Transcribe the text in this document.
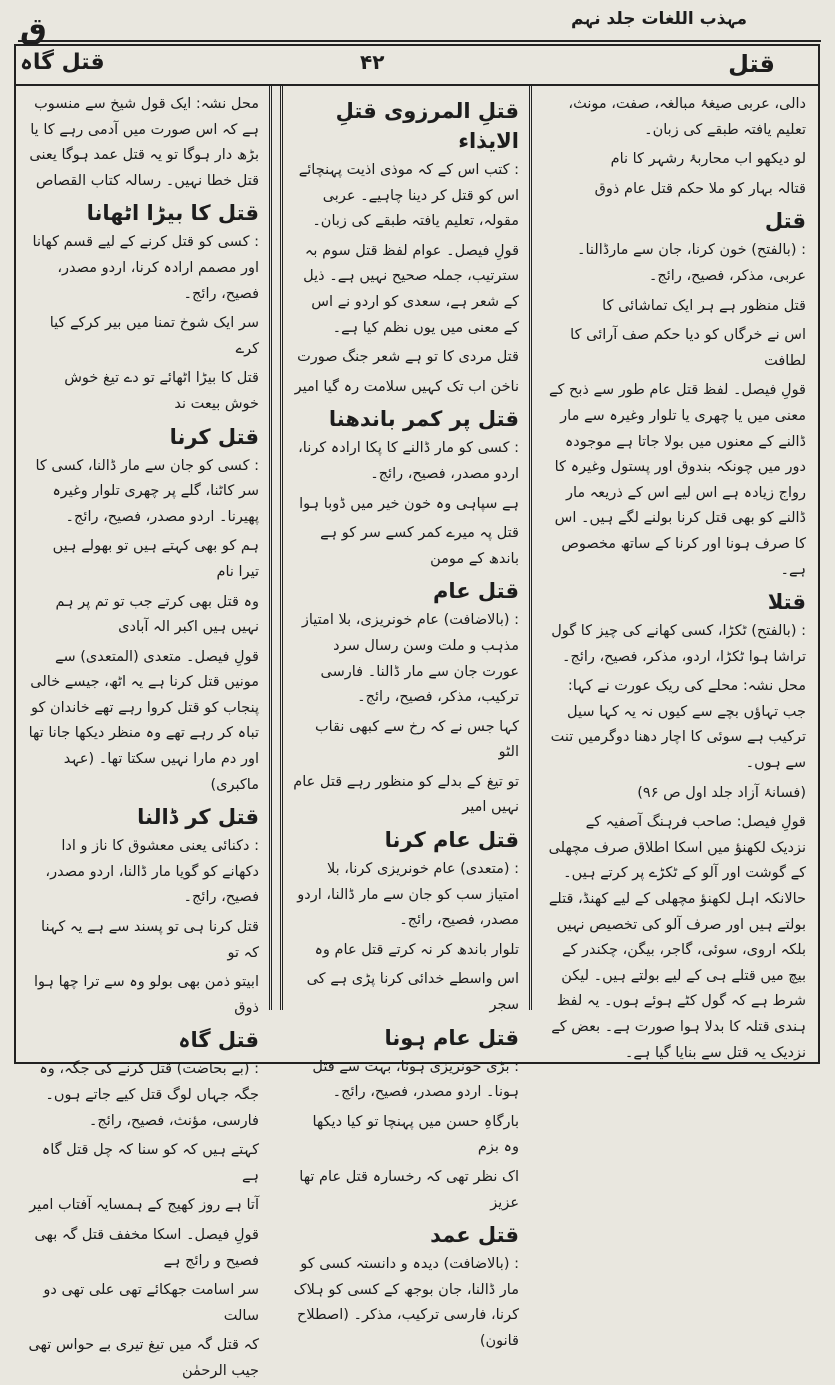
ق	مہذب اللغات جلد نہم
قتل گاہ	۴۲	قتل
محل نشہ: ایک قول شیخ سے منسوب ہے کہ اس صورت میں آدمی رہے کا یا بڑھ دار ہوگا تو یہ قتل عمد ہوگا یعنی قتل خطا نہیں۔ رسالہ کتاب القصاص
قتل کا بیڑا اٹھانا
: کسی کو قتل کرنے کے لیے قسم کھانا اور مصمم ارادہ کرنا، اردو مصدر، فصیح، رائج۔
سر ایک شوخ تمنا میں بیر کرکے کیا کرے
قتل کا بیڑا اٹھائے تو دے تیغ خوش خوش بیعت ند
قتل کرنا
: کسی کو جان سے مار ڈالنا، کسی کا سر کاٹنا، گلے پر چھری تلوار وغیرہ پھیرنا۔ اردو مصدر، فصیح، رائج۔
ہم کو بھی کہتے ہیں تو بھولے ہیں تیرا نام
وہ قتل بھی کرتے جب تو تم پر ہم نہیں ہیں اکبر الہ آبادی
قولِ فیصل۔ متعدی (المتعدی) سے مونیں قتل کرنا ہے یہ اٹھ، جیسے خالی پنجاب کو قتل کروا رہے تھے خاندان کو تباہ کر رہے تھے وہ منظر دیکھا جانا تھا اور دم مارا نہیں سکتا تھا۔ (عہد ماکبری)
قتل کر ڈالنا
: دکنائی یعنی معشوق کا ناز و ادا دکھانے کو گویا مار ڈالنا، اردو مصدر، فصیح، رائج۔
قتل کرنا ہی تو پسند سے ہے یہ کہنا کہ تو
ابیتو ذمن بھی بولو وہ سے ترا چھا ہوا ذوق
قتل گاہ
: (بے بحاضت) قتل کرنے کی جگہ، وہ جگہ جہاں لوگ قتل کیے جاتے ہوں۔ فارسی، مؤنث، فصیح، رائج۔
کہتے ہیں کہ کو سنا کہ چل قتل گاہ ہے
آتا ہے روز کھیج کے ہمسایہ آفتاب امیر
قولِ فیصل۔ اسکا مخفف قتل گہ بھی فصیح و رائج ہے
سر اسامت جھکائے تھی علی تھی دو سالت
کہ قتل گہ میں تیغ تیری بے حواس تھی جیب الرحمٰن
قتلِ المرزوی قتلِ الایذاء
: کتب اس کے کہ موذی اذیت پہنچائے اس کو قتل کر دینا چاہیے۔ عربی مقولہ، تعلیم یافتہ طبقے کی زبان۔
قولِ فیصل۔ عوام لفظ قتل سوم بہ سترتیب، جملہ صحیح نہیں ہے۔ ذیل کے شعر ہے، سعدی کو اردو نے اس کے معنی میں یوں نظم کیا ہے۔
قتل مردی کا تو ہے شعر جنگ صورت
ناخن اب تک کہیں سلامت رہ گیا امیر
قتل پر کمر باندھنا
: کسی کو مار ڈالنے کا پکا ارادہ کرنا، اردو مصدر، فصیح، رائج۔
ہے سپاہی وہ خون خیر میں ڈوبا ہوا
قتل پہ میرے کمر کسے سر کو ہے باندھ کے مومن
قتل عام
: (بالاضافت) عام خونریزی، بلا امتیاز مذہب و ملت وسن رسال سرد عورت جان سے مار ڈالنا۔ فارسی ترکیب، مذکر، فصیح، رائج۔
کہا جس نے کہ رخ سے کبھی نقاب الٹو
تو تیغ کے بدلے کو منظور رہے قتل عام نہیں امیر
قتل عام کرنا
: (متعدی) عام خونریزی کرنا، بلا امتیاز سب کو جان سے مار ڈالنا، اردو مصدر، فصیح، رائج۔
تلوار باندھ کر نہ کرتے قتل عام وہ
اس واسطے خدائی کرنا پڑی ہے کی سجر
قتل عام ہونا
: بڑی خونریزی ہونا، بہت سے قتل ہونا۔ اردو مصدر، فصیح، رائج۔
بارگاہِ حسن میں پہنچا تو کیا دیکھا وہ بزم
اک نظر تھی کہ رخسارہ قتل عام تھا عزیز
قتل عمد
: (بالاضافت) دیدہ و دانستہ کسی کو مار ڈالنا، جان بوجھ کے کسی کو ہلاک کرنا، فارسی ترکیب، مذکر۔ (اصطلاح قانون)
دالی، عربی صیغۂ مبالغہ، صفت، مونث، تعلیم یافتہ طبقے کی زبان۔
لو دیکھو اب محاربۂ رشہر کا نام
قتالہ بہار کو ملا حکم قتل عام ذوق
قتل
: (بالفتح) خون کرنا، جان سے مارڈالنا۔ عربی، مذکر، فصیح، رائج۔
قتل منظور ہے ہر ایک تماشائی کا
اس نے خرگاں کو دیا حکم صف آرائی کا لطافت
قولِ فیصل۔ لفظ قتل عام طور سے ذبح کے معنی میں یا چھری یا تلوار وغیرہ سے مار ڈالنے کے معنوں میں بولا جاتا ہے موجودہ دور میں چونکہ بندوق اور پستول وغیرہ کا رواج زیادہ ہے اس لیے اس کے ذریعہ مار ڈالنے کو بھی قتل کرنا بولنے لگے ہیں۔ اس کا صرف ہونا اور کرنا کے ساتھ مخصوص ہے۔
قتلا
: (بالفتح) ٹکڑا، کسی کھانے کی چیز کا گول تراشا ہوا ٹکڑا، اردو، مذکر، فصیح، رائج۔
محل نشہ: محلے کی ریک عورت نے کہا: جب تہاؤں بچے سے کیوں نہ یہ کہا سیل ترکیب ہے سوئی کا اچار دھنا دوگرمیں تنت سے ہوں۔
(فسانۂ آزاد جلد اول ص ۹۶)
قولِ فیصل: صاحب فرہنگ آصفیہ کے نزدیک لکھنؤ میں اسکا اطلاق صرف مچھلی کے گوشت اور آلو کے ٹکڑے پر کرتے ہیں۔ حالانکہ اہل لکھنؤ مچھلی کے لیے کھنڈ، قتلے بولتے ہیں اور صرف آلو کی تخصیص نہیں بلکہ اروی، سوئی، گاجر، بیگن، چکندر کے بیچ میں قتلے ہی کے لیے بولتے ہیں۔ لیکن شرط ہے کہ گول کٹے ہوئے ہوں۔ یہ لفظ ہندی قتلہ کا بدلا ہوا صورت ہے۔ بعض کے نزدیک یہ قتل سے بنایا گیا ہے۔
